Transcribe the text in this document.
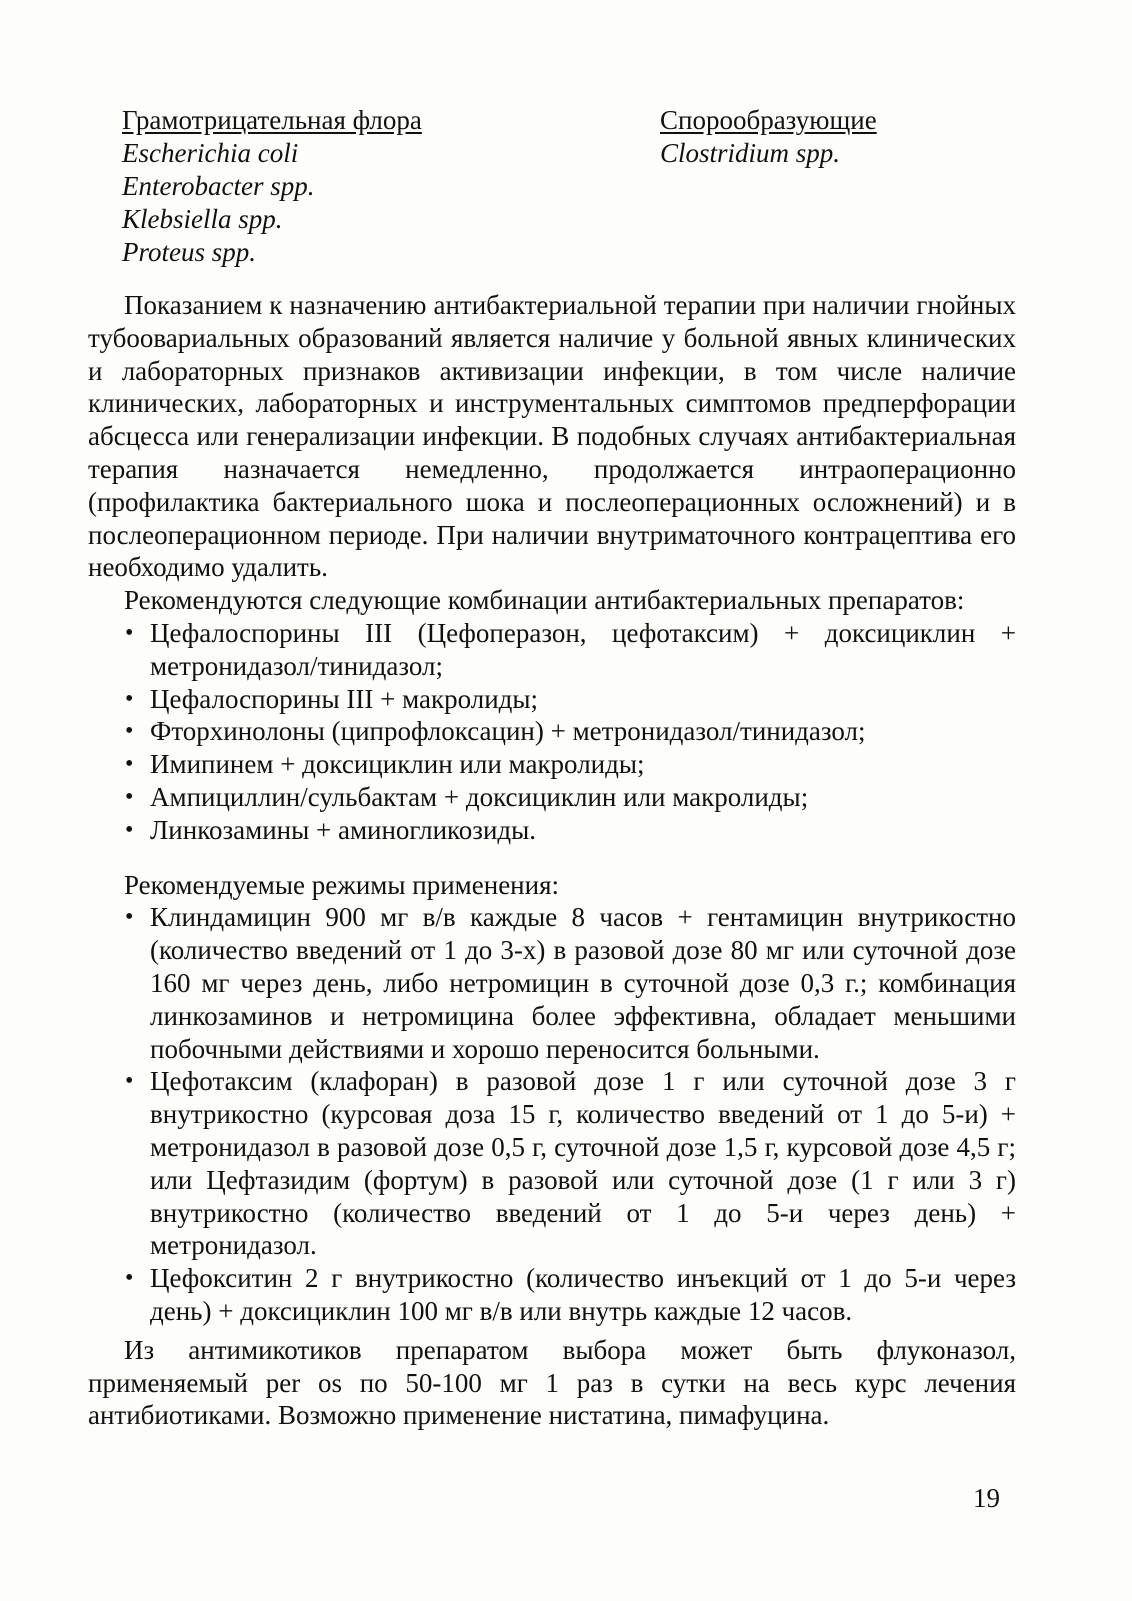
Грамотрицательная флора
Escherichia coli
Enterobacter spp.
Klebsiella spp.
Proteus spp.
Спорообразующие
Clostridium spp.

Показанием к назначению антибактериальной терапии при наличии гнойных тубоовариальных образований является наличие у больной явных клинических и лабораторных признаков активизации инфекции, в том числе наличие клинических, лабораторных и инструментальных симптомов предперфорации абсцесса или генерализации инфекции. В подобных случаях антибактериальная терапия назначается немедленно, продолжается интраоперационно (профилактика бактериального шока и послеоперационных осложнений) и в послеоперационном периоде. При наличии внутриматочного контрацептива его необходимо удалить.

Рекомендуются следующие комбинации антибактериальных препаратов:

• Цефалоспорины III (Цефоперазон, цефотаксим) + доксициклин + метронидазол/тинидазол;
• Цефалоспорины III + макролиды;
• Фторхинолоны (ципрофлоксацин) + метронидазол/тинидазол;
• Имипинем + доксициклин или макролиды;
• Ампициллин/сульбактам + доксициклин или макролиды;
• Линкозамины + аминогликозиды.

Рекомендуемые режимы применения:

• Клиндамицин 900 мг в/в каждые 8 часов + гентамицин внутрикостно (количество введений от 1 до 3-х) в разовой дозе 80 мг или суточной дозе 160 мг через день, либо нетромицин в суточной дозе 0,3 г.; комбинация линкозаминов и нетромицина более эффективна, обладает меньшими побочными действиями и хорошо переносится больными.
• Цефотаксим (клафоран) в разовой дозе 1 г или суточной дозе 3 г внутрикостно (курсовая доза 15 г, количество введений от 1 до 5-и) + метронидазол в разовой дозе 0,5 г, суточной дозе 1,5 г, курсовой дозе 4,5 г; или Цефтазидим (фортум) в разовой или суточной дозе (1 г или 3 г) внутрикостно (количество введений от 1 до 5-и через день) + метронидазол.
• Цефокситин 2 г внутрикостно (количество инъекций от 1 до 5-и через день) + доксициклин 100 мг в/в или внутрь каждые 12 часов.

Из антимикотиков препаратом выбора может быть флуконазол, применяемый per os по 50-100 мг 1 раз в сутки на весь курс лечения антибиотиками. Возможно применение нистатина, пимафуцина.

19
